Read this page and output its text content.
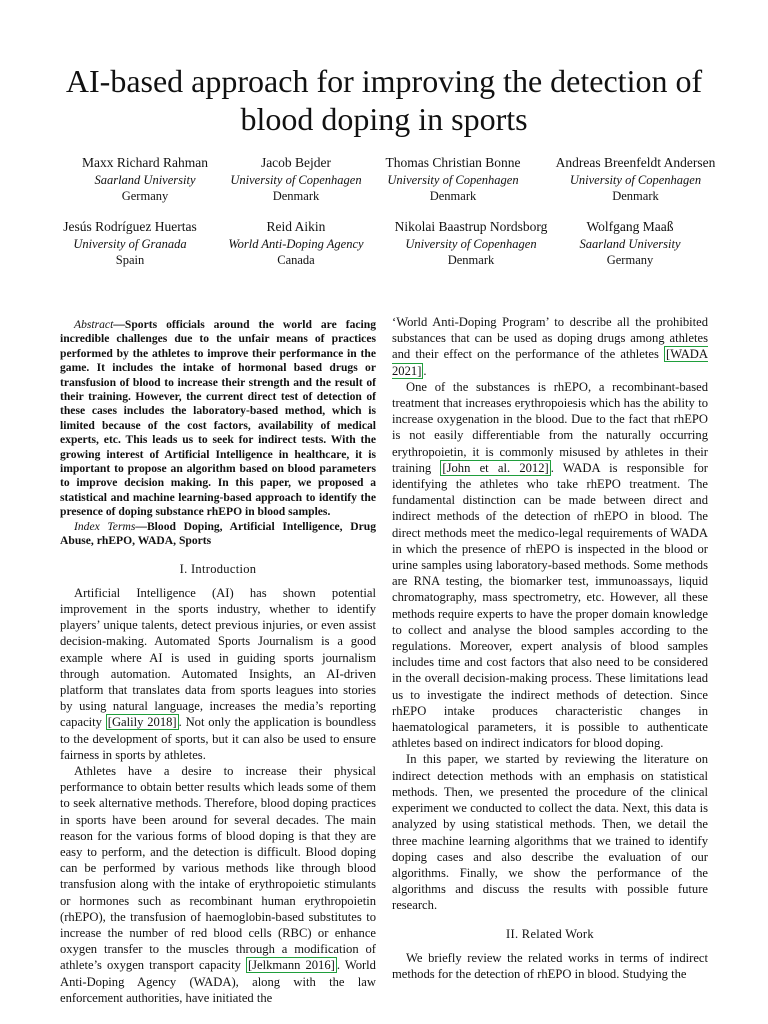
AI-based approach for improving the detection of
blood doping in sports
Maxx Richard Rahman
Saarland University
Germany
Jacob Bejder
University of Copenhagen
Denmark
Thomas Christian Bonne
University of Copenhagen
Denmark
Andreas Breenfeldt Andersen
University of Copenhagen
Denmark
Jesús Rodríguez Huertas
University of Granada
Spain
Reid Aikin
World Anti-Doping Agency
Canada
Nikolai Baastrup Nordsborg
University of Copenhagen
Denmark
Wolfgang Maaß
Saarland University
Germany

Abstract—Sports officials around the world are facing incredible challenges due to the unfair means of practices performed by the athletes to improve their performance in the game. It includes the intake of hormonal based drugs or transfusion of blood to increase their strength and the result of their training. However, the current direct test of detection of these cases includes the laboratory-based method, which is limited because of the cost factors, availability of medical experts, etc. This leads us to seek for indirect tests. With the growing interest of Artificial Intelligence in healthcare, it is important to propose an algorithm based on blood parameters to improve decision making. In this paper, we proposed a statistical and machine learning-based approach to identify the presence of doping substance rhEPO in blood samples.

Index Terms—Blood Doping, Artificial Intelligence, Drug Abuse, rhEPO, WADA, Sports

I. Introduction

Artificial Intelligence (AI) has shown potential improvement in the sports industry, whether to identify players’ unique talents, detect previous injuries, or even assist decision-making. Automated Sports Journalism is a good example where AI is used in guiding sports journalism through automation. Automated Insights, an AI-driven platform that translates data from sports leagues into stories by using natural language, increases the media’s reporting capacity [Galily 2018] . Not only the application is boundless to the development of sports, but it can also be used to ensure fairness in sports by athletes.

Athletes have a desire to increase their physical performance to obtain better results which leads some of them to seek alternative methods. Therefore, blood doping practices in sports have been around for several decades. The main reason for the various forms of blood doping is that they are easy to perform, and the detection is difficult. Blood doping can be performed by various methods like through blood transfusion along with the intake of erythropoietic stimulants or hormones such as recombinant human erythropoietin (rhEPO), the transfusion of haemoglobin-based substitutes to increase the number of red blood cells (RBC) or enhance oxygen transfer to the muscles through a modification of athlete’s oxygen transport capacity [Jelkmann 2016] . World Anti-Doping Agency (WADA), along with the law enforcement authorities, have initiated the

‘World Anti-Doping Program’ to describe all the prohibited substances that can be used as doping drugs among athletes and their effect on the performance of the athletes [WADA 2021] .

One of the substances is rhEPO, a recombinant-based treatment that increases erythropoiesis which has the ability to increase oxygenation in the blood. Due to the fact that rhEPO is not easily differentiable from the naturally occurring erythropoietin, it is commonly misused by athletes in their training [John et al. 2012] . WADA is responsible for identifying the athletes who take rhEPO treatment. The fundamental distinction can be made between direct and indirect methods of the detection of rhEPO in blood. The direct methods meet the medico-legal requirements of WADA in which the presence of rhEPO is inspected in the blood or urine samples using laboratory-based methods. Some methods are RNA testing, the biomarker test, immunoassays, liquid chromatography, mass spectrometry, etc. However, all these methods require experts to have the proper domain knowledge to collect and analyse the blood samples according to the regulations. Moreover, expert analysis of blood samples includes time and cost factors that also need to be considered in the overall decision-making process. These limitations lead us to investigate the indirect methods of detection. Since rhEPO intake produces characteristic changes in haematological parameters, it is possible to authenticate athletes based on indirect indicators for blood doping.

In this paper, we started by reviewing the literature on indirect detection methods with an emphasis on statistical methods. Then, we presented the procedure of the clinical experiment we conducted to collect the data. Next, this data is analyzed by using statistical methods. Then, we detail the three machine learning algorithms that we trained to identify doping cases and also describe the evaluation of our algorithms. Finally, we show the performance of the algorithms and discuss the results with possible future research.

II. Related Work

We briefly review the related works in terms of indirect methods for the detection of rhEPO in blood. Studying the
